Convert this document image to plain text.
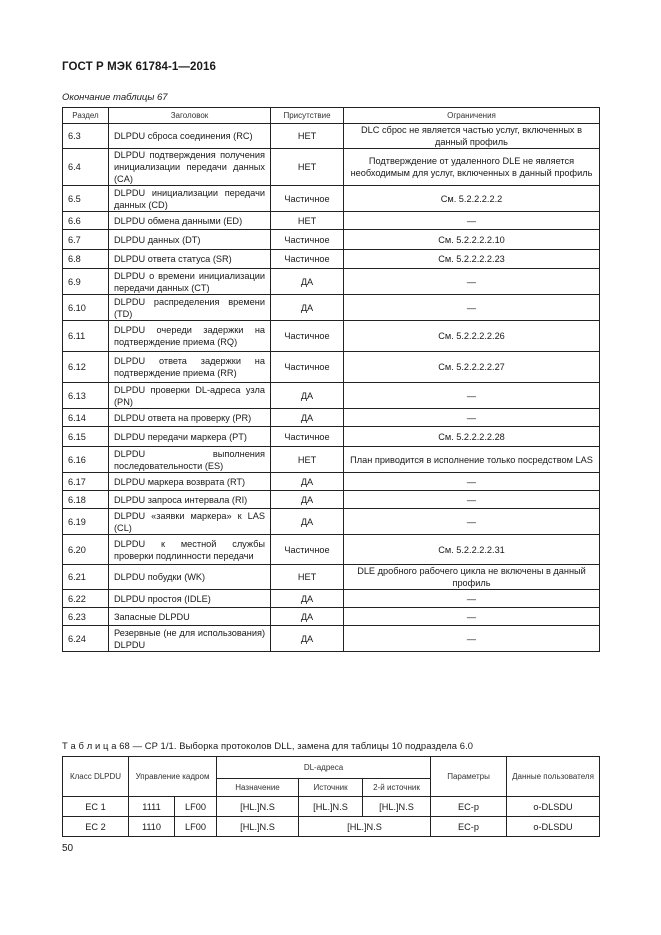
ГОСТ Р МЭК 61784-1—2016
Окончание таблицы 67
Раздел	Заголовок	Присутствие	Ограничения
6.3	DLPDU сброса соединения (RC)	НЕТ	DLC сброс не является частью услуг, включенных в данный профиль
6.4	DLPDU подтверждения получения инициализации передачи данных (CA)	НЕТ	Подтверждение от удаленного DLE не является необходимым для услуг, включенных в данный профиль
6.5	DLPDU инициализации передачи данных (CD)	Частичное	См. 5.2.2.2.2.2
6.6	DLPDU обмена данными (ED)	НЕТ	—
6.7	DLPDU данных (DT)	Частичное	См. 5.2.2.2.2.10
6.8	DLPDU ответа статуса (SR)	Частичное	См. 5.2.2.2.2.23
6.9	DLPDU о времени инициализации передачи данных (CT)	ДА	—
6.10	DLPDU распределения времени (TD)	ДА	—
6.11	DLPDU очереди задержки на подтверждение приема (RQ)	Частичное	См. 5.2.2.2.2.26
6.12	DLPDU ответа задержки на подтверждение приема (RR)	Частичное	См. 5.2.2.2.2.27
6.13	DLPDU проверки DL-адреса узла (PN)	ДА	—
6.14	DLPDU ответа на проверку (PR)	ДА	—
6.15	DLPDU передачи маркера (PT)	Частичное	См. 5.2.2.2.2.28
6.16	DLPDU выполнения последовательности (ES)	НЕТ	План приводится в исполнение только посредством LAS
6.17	DLPDU маркера возврата (RT)	ДА	—
6.18	DLPDU запроса интервала (RI)	ДА	—
6.19	DLPDU «заявки маркера» к LAS (CL)	ДА	—
6.20	DLPDU к местной службы проверки подлинности передачи	Частичное	См. 5.2.2.2.2.31
6.21	DLPDU побудки (WK)	НЕТ	DLE дробного рабочего цикла не включены в данный профиль
6.22	DLPDU простоя (IDLE)	ДА	—
6.23	Запасные DLPDU	ДА	—
6.24	Резервные (не для использования) DLPDU	ДА	—
Т а б л и ц а 68 — CP 1/1. Выборка протоколов DLL, замена для таблицы 10 подраздела 6.0
Класс DLPDU	Управление кадром		DL-адреса			Параметры	Данные пользователя
			Назначение	Источник	2-й источник		
EC 1	1111	LF00	[HL.]N.S	[HL.]N.S	[HL.]N.S	EC-p	o-DLSDU
EC 2	1110	LF00	[HL.]N.S	[HL.]N.S		EC-p	o-DLSDU
50
